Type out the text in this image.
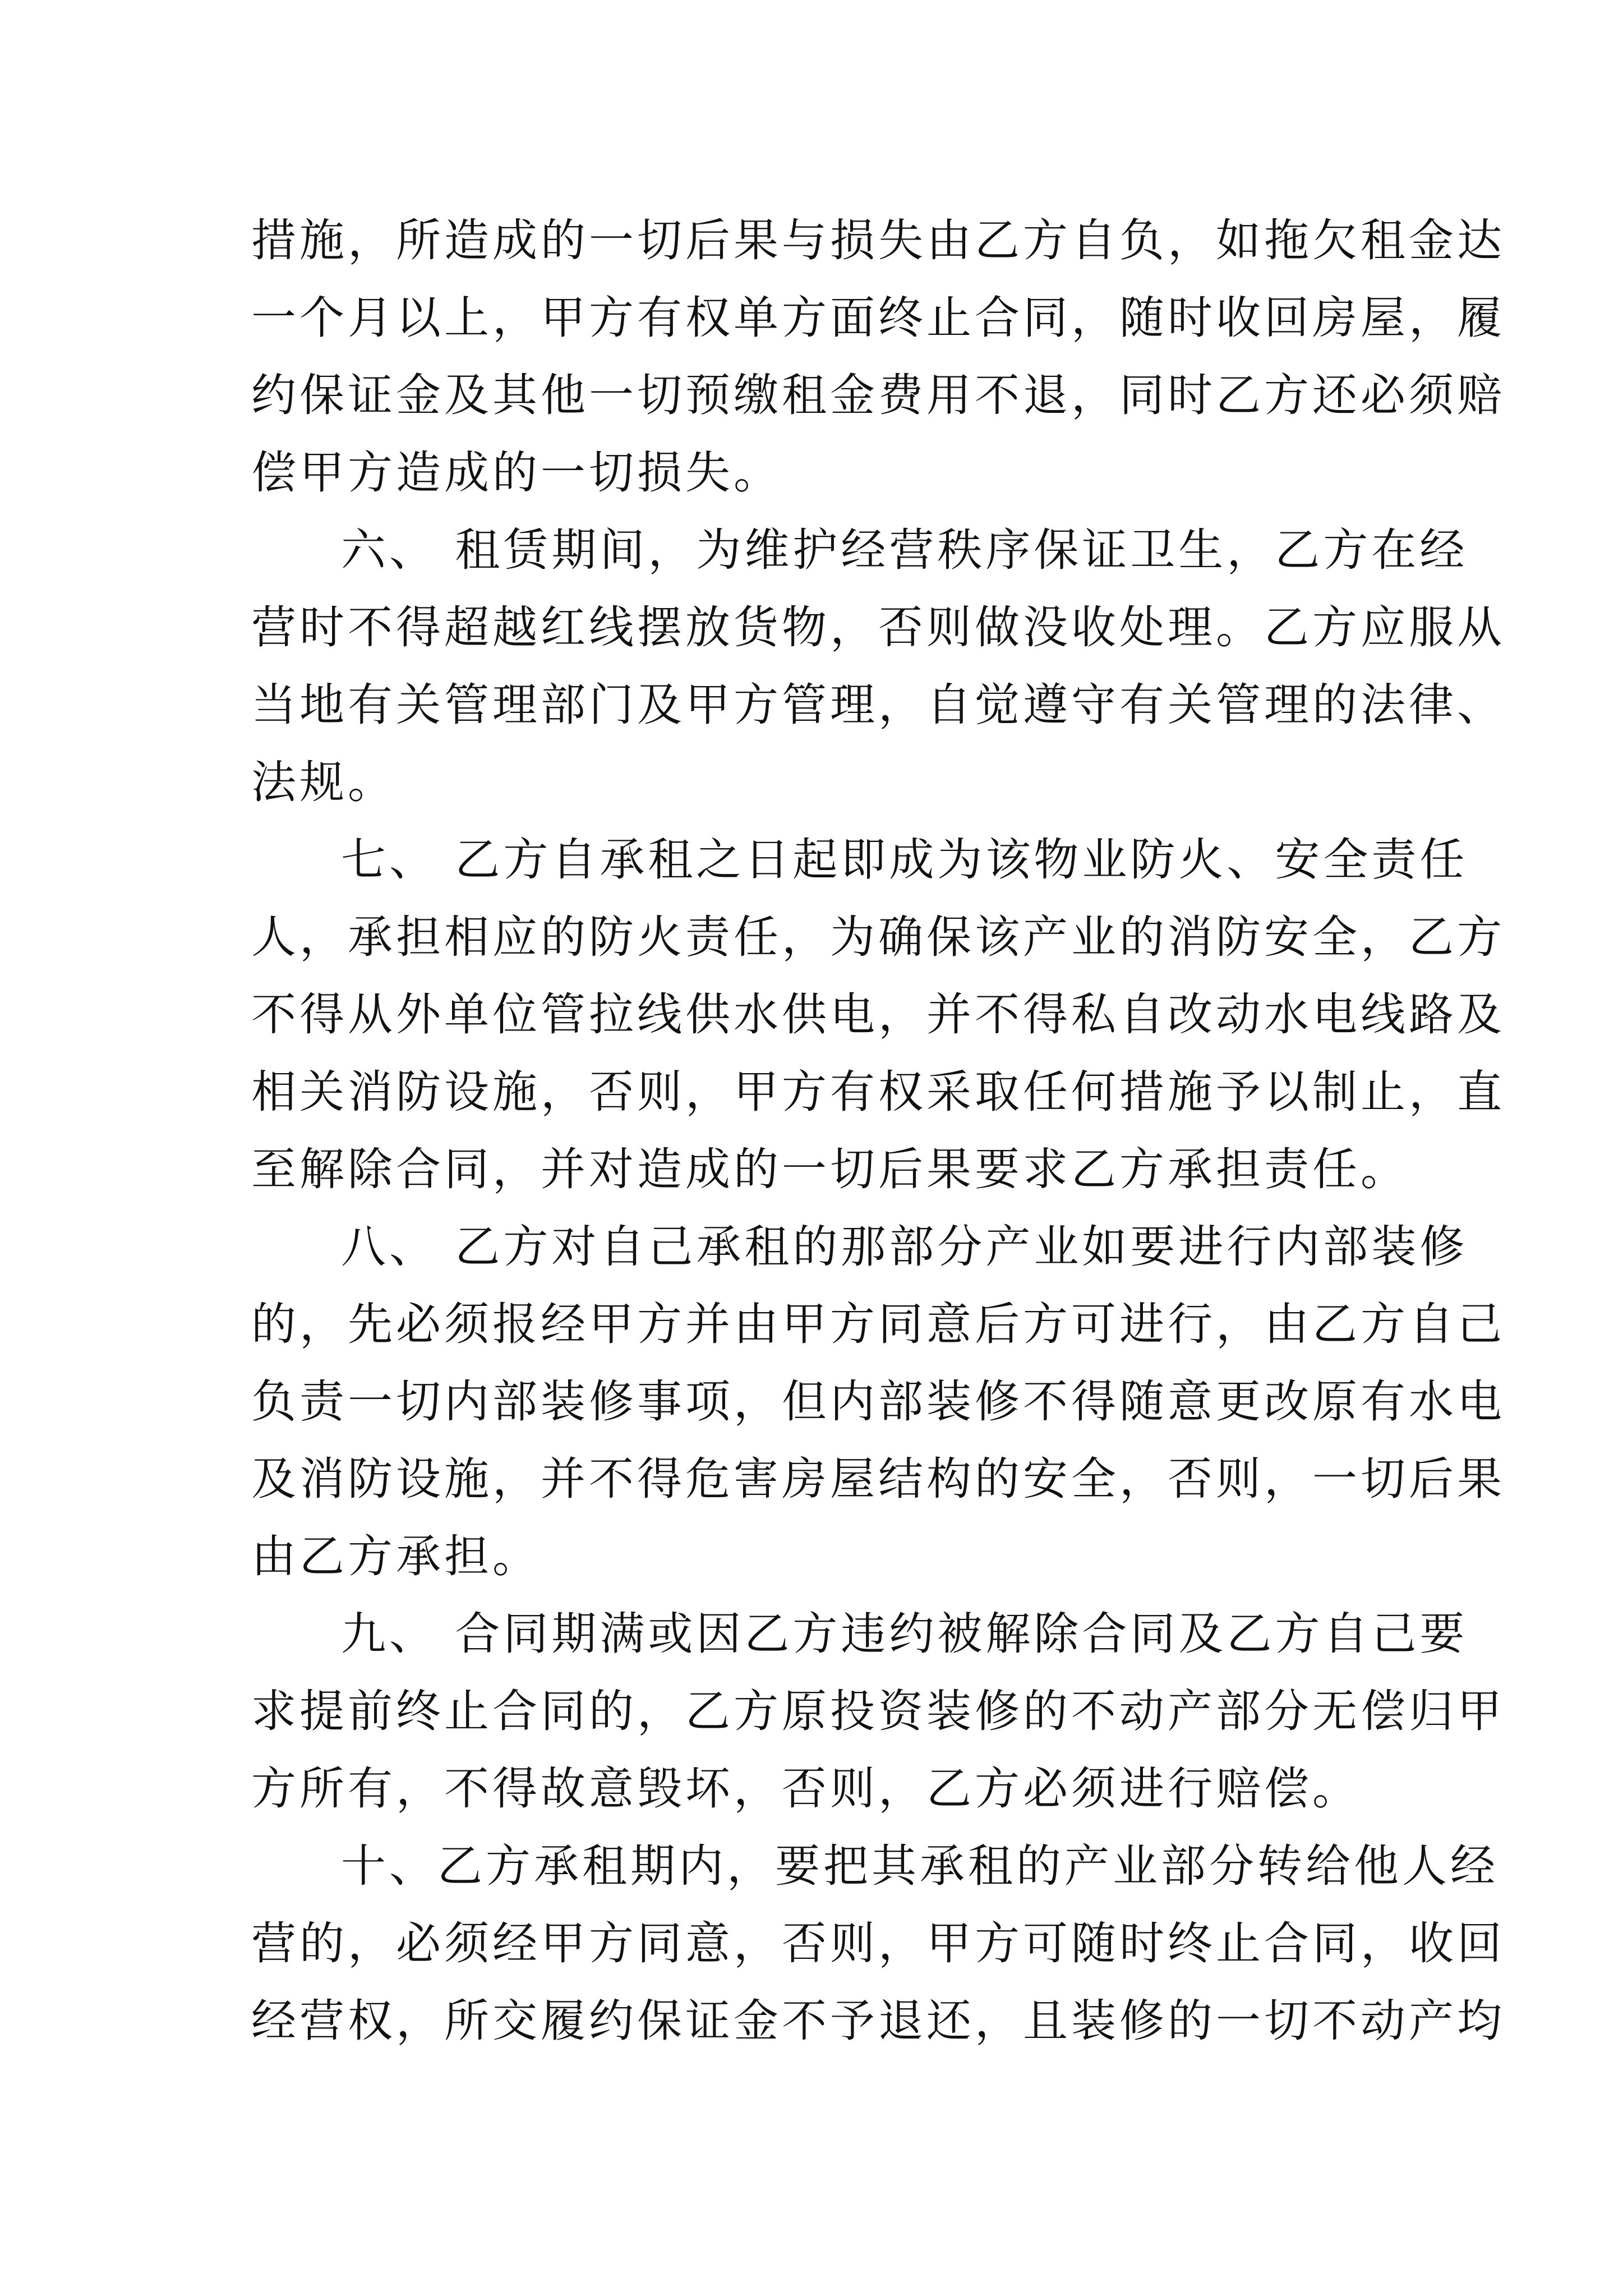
措施，所造成的一切后果与损失由乙方自负，如拖欠租金达
一个月以上，甲方有权单方面终止合同，随时收回房屋，履
约保证金及其他一切预缴租金费用不退，同时乙方还必须赔
偿甲方造成的一切损失。
六、 租赁期间，为维护经营秩序保证卫生，乙方在经
营时不得超越红线摆放货物，否则做没收处理。乙方应服从
当地有关管理部门及甲方管理，自觉遵守有关管理的法律、
法规。
七、 乙方自承租之日起即成为该物业防火、安全责任
人，承担相应的防火责任，为确保该产业的消防安全，乙方
不得从外单位管拉线供水供电，并不得私自改动水电线路及
相关消防设施，否则，甲方有权采取任何措施予以制止，直
至解除合同，并对造成的一切后果要求乙方承担责任。
八、 乙方对自己承租的那部分产业如要进行内部装修
的，先必须报经甲方并由甲方同意后方可进行，由乙方自己
负责一切内部装修事项，但内部装修不得随意更改原有水电
及消防设施，并不得危害房屋结构的安全，否则，一切后果
由乙方承担。
九、 合同期满或因乙方违约被解除合同及乙方自己要
求提前终止合同的，乙方原投资装修的不动产部分无偿归甲
方所有，不得故意毁坏，否则，乙方必须进行赔偿。
十、乙方承租期内，要把其承租的产业部分转给他人经
营的，必须经甲方同意，否则，甲方可随时终止合同，收回
经营权，所交履约保证金不予退还，且装修的一切不动产均
